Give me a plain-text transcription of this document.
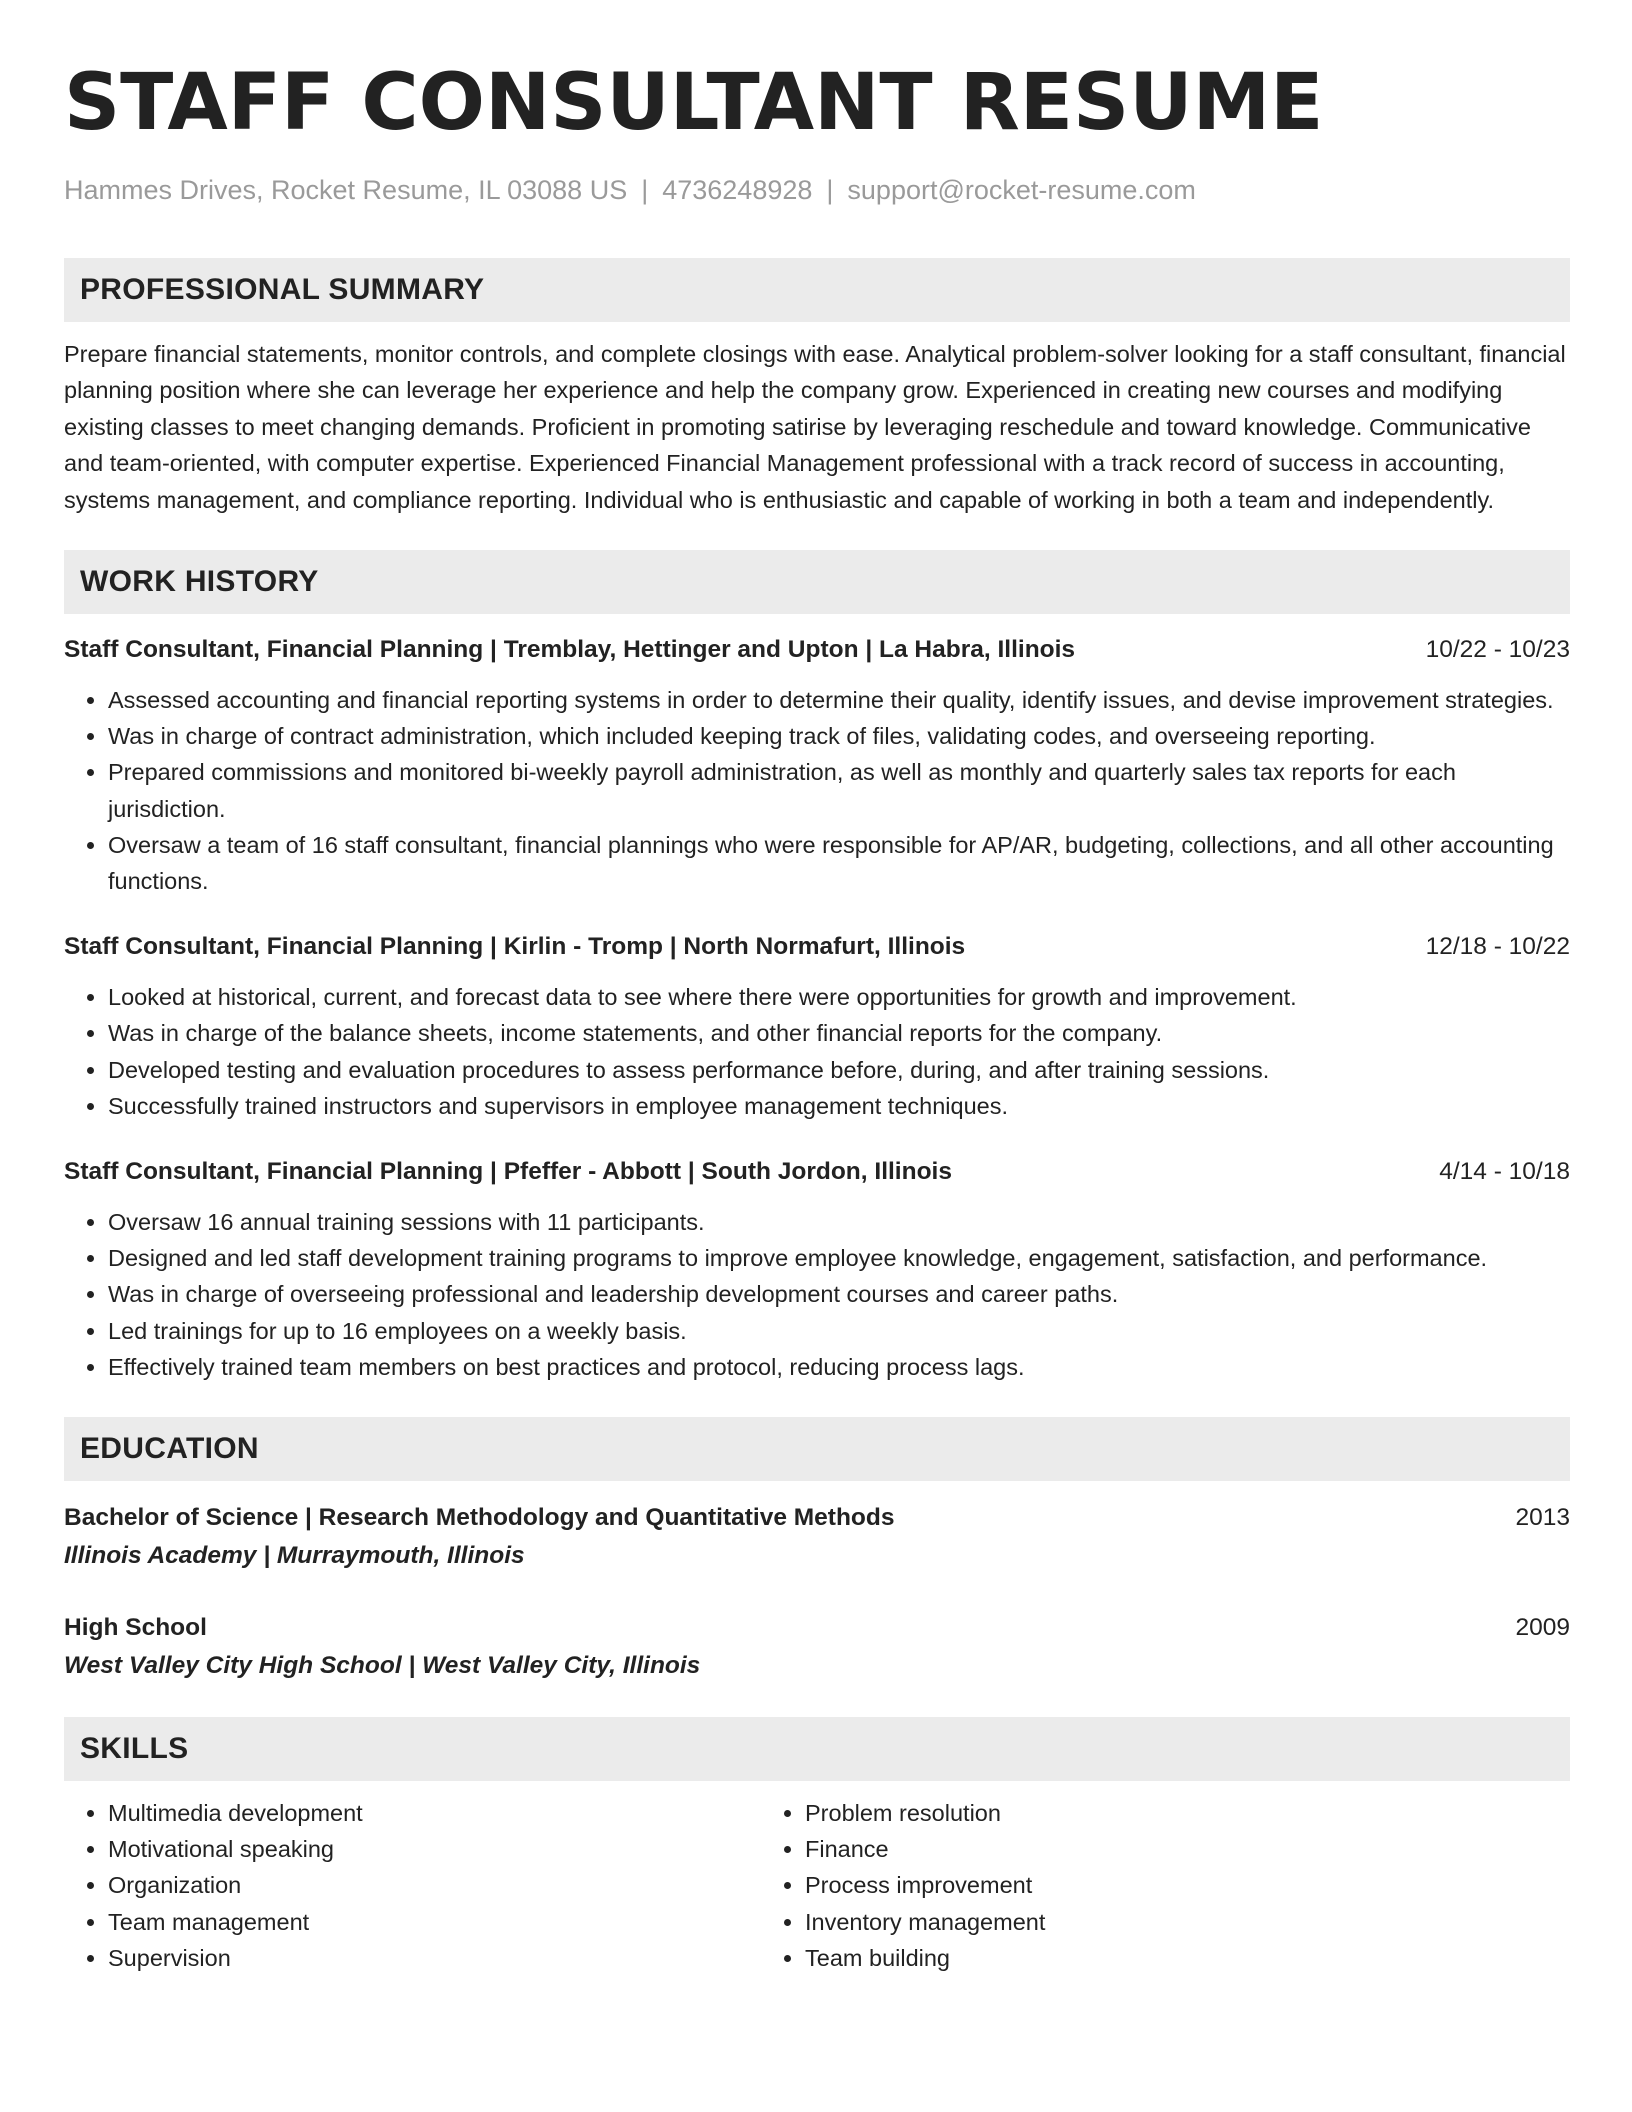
STAFF CONSULTANT RESUME
Hammes Drives, Rocket Resume, IL 03088 US | 4736248928 | support@rocket-resume.com
PROFESSIONAL SUMMARY

Prepare financial statements, monitor controls, and complete closings with ease. Analytical problem-solver looking for a staff consultant, financial planning position where she can leverage her experience and help the company grow. Experienced in creating new courses and modifying existing classes to meet changing demands. Proficient in promoting satirise by leveraging reschedule and toward knowledge. Communicative and team-oriented, with computer expertise. Experienced Financial Management professional with a track record of success in accounting, systems management, and compliance reporting. Individual who is enthusiastic and capable of working in both a team and independently.

WORK HISTORY
Staff Consultant, Financial Planning | Tremblay, Hettinger and Upton | La Habra, Illinois	10/22 - 10/23
• Assessed accounting and financial reporting systems in order to determine their quality, identify issues, and devise improvement strategies.
• Was in charge of contract administration, which included keeping track of files, validating codes, and overseeing reporting.
• Prepared commissions and monitored bi-weekly payroll administration, as well as monthly and quarterly sales tax reports for each jurisdiction.
• Oversaw a team of 16 staff consultant, financial plannings who were responsible for AP/AR, budgeting, collections, and all other accounting functions.
Staff Consultant, Financial Planning | Kirlin - Tromp | North Normafurt, Illinois	12/18 - 10/22
• Looked at historical, current, and forecast data to see where there were opportunities for growth and improvement.
• Was in charge of the balance sheets, income statements, and other financial reports for the company.
• Developed testing and evaluation procedures to assess performance before, during, and after training sessions.
• Successfully trained instructors and supervisors in employee management techniques.
Staff Consultant, Financial Planning | Pfeffer - Abbott | South Jordon, Illinois	4/14 - 10/18
• Oversaw 16 annual training sessions with 11 participants.
• Designed and led staff development training programs to improve employee knowledge, engagement, satisfaction, and performance.
• Was in charge of overseeing professional and leadership development courses and career paths.
• Led trainings for up to 16 employees on a weekly basis.
• Effectively trained team members on best practices and protocol, reducing process lags.
EDUCATION
Bachelor of Science | Research Methodology and Quantitative Methods	2013
Illinois Academy | Murraymouth, Illinois
High School	2009
West Valley City High School | West Valley City, Illinois
SKILLS
• Multimedia development
• Motivational speaking
• Organization
• Team management
• Supervision
• Problem resolution
• Finance
• Process improvement
• Inventory management
• Team building
